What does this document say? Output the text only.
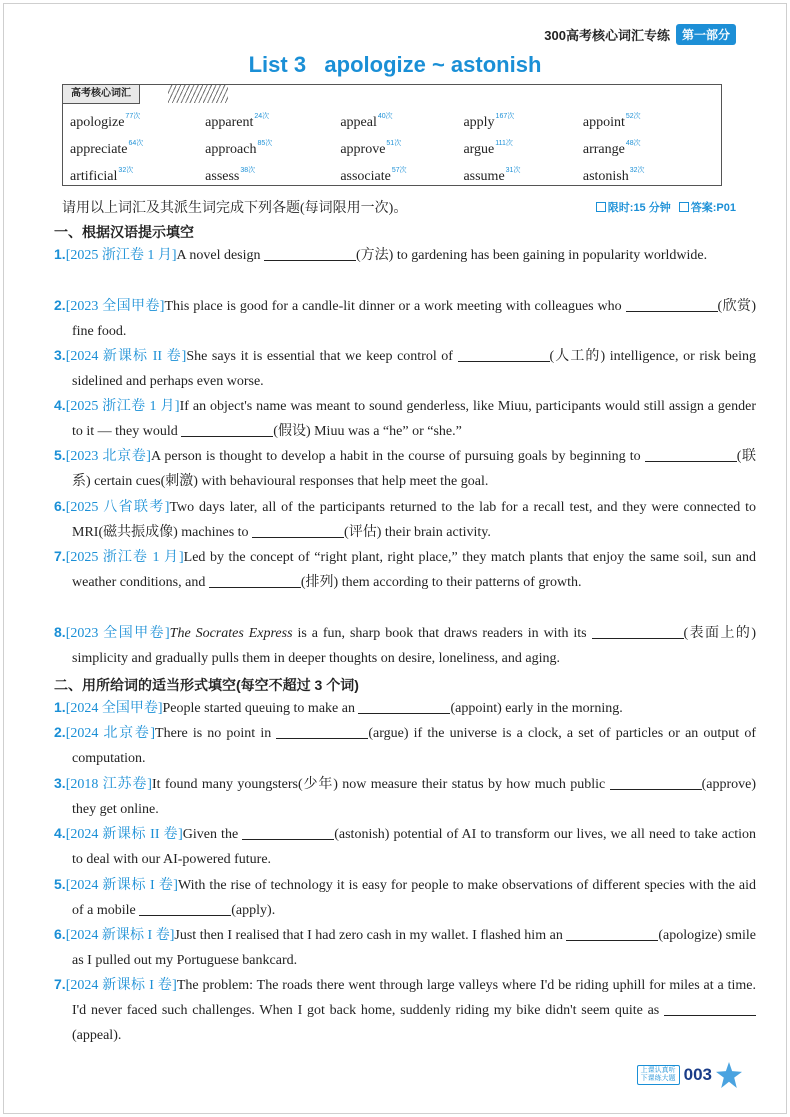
300高考核心词汇专练	第一部分
List 3   apologize ~ astonish
高考核心词汇
apologize$^{77次}$	apparent$^{24次}$	appeal$^{40次}$	apply$^{167次}$	appoint$^{52次}$
appreciate$^{64次}$	approach$^{85次}$	approve$^{51次}$	argue$^{111次}$	arrange$^{48次}$
artificial$^{32次}$	assess$^{38次}$	associate$^{57次}$	assume$^{31次}$	astonish$^{32次}$
请用以上词汇及其派生词完成下列各题(每词限用一次)。	限时:15 分钟	答案:P01
一、根据汉语提示填空
1.[2025 浙江卷 1 月]A novel design	(方法) to gardening has been gaining in popularity worldwide.
2.[2023 全国甲卷]This place is good for a candle-lit dinner or a work meeting with colleagues who	(欣赏) fine food.
3.[2024 新课标 II 卷]She says it is essential that we keep control of	(人工的) intelligence, or risk being sidelined and perhaps even worse.
4.[2025 浙江卷 1 月]If an object's name was meant to sound genderless, like Miuu, participants would still assign a gender to it — they would	(假设) Miuu was a “he” or “she.”
5.[2023 北京卷]A person is thought to develop a habit in the course of pursuing goals by beginning to	(联系) certain cues(刺激) with behavioural responses that help meet the goal.
6.[2025 八省联考]Two days later, all of the participants returned to the lab for a recall test, and they were connected to MRI(磁共振成像) machines to	(评估) their brain activity.
7.[2025 浙江卷 1 月]Led by the concept of “right plant, right place,” they match plants that enjoy the same soil, sun and weather conditions, and	(排列) them according to their patterns of growth.
8.[2023 全国甲卷]The Socrates Express is a fun, sharp book that draws readers in with its	(表面上的) simplicity and gradually pulls them in deeper thoughts on desire, loneliness, and aging.
二、用所给词的适当形式填空(每空不超过 3 个词)
1.[2024 全国甲卷]People started queuing to make an	(appoint) early in the morning.
2.[2024 北京卷]There is no point in	(argue) if the universe is a clock, a set of particles or an output of computation.
3.[2018 江苏卷]It found many youngsters(少年) now measure their status by how much public	(approve) they get online.
4.[2024 新课标 II 卷]Given the	(astonish) potential of AI to transform our lives, we all need to take action to deal with our AI-powered future.
5.[2024 新课标 I 卷]With the rise of technology it is easy for people to make observations of different species with the aid of a mobile	(apply).
6.[2024 新课标 I 卷]Just then I realised that I had zero cash in my wallet. I flashed him an	(apologize) smile as I pulled out my Portuguese bankcard.
7.[2024 新课标 I 卷]The problem: The roads there went through large valleys where I'd be riding uphill for miles at a time. I'd never faced such challenges. When I got back home, suddenly riding my bike didn't seem quite as (appeal).
上课认真听
下课练大题 003
